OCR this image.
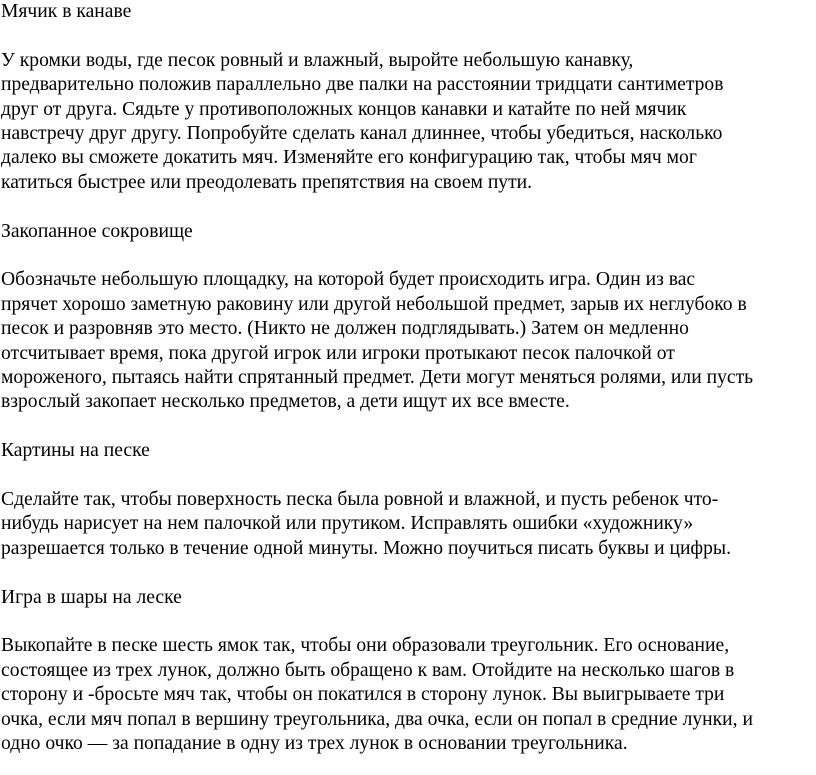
Мячик в канаве

У кромки воды, где песок ровный и влажный, выройте небольшую канавку,
предварительно положив параллельно две палки на расстоянии тридцати сантиметров
друг от друга. Сядьте у противоположных концов канавки и катайте по ней мячик
навстречу друг другу. Попробуйте сделать канал длиннее, чтобы убедиться, насколько
далеко вы сможете докатить мяч. Изменяйте его конфигурацию так, чтобы мяч мог
катиться быстрее или преодолевать препятствия на своем пути.

Закопанное сокровище

Обозначьте небольшую площадку, на которой будет происходить игра. Один из вас
прячет хорошо заметную раковину или другой небольшой предмет, зарыв их неглубоко в
песок и разровняв это место. (Никто не должен подглядывать.) Затем он медленно
отсчитывает время, пока другой игрок или игроки протыкают песок палочкой от
мороженого, пытаясь найти спрятанный предмет. Дети могут меняться ролями, или пусть
взрослый закопает несколько предметов, а дети ищут их все вместе.

Картины на песке

Сделайте так, чтобы поверхность песка была ровной и влажной, и пусть ребенок что-
нибудь нарисует на нем палочкой или прутиком. Исправлять ошибки «художнику»
разрешается только в течение одной минуты. Можно поучиться писать буквы и цифры.

Игра в шары на леске

Выкопайте в песке шесть ямок так, чтобы они образовали треугольник. Его основание,
состоящее из трех лунок, должно быть обращено к вам. Отойдите на несколько шагов в
сторону и -бросьте мяч так, чтобы он покатился в сторону лунок. Вы выигрываете три
очка, если мяч попал в вершину треугольника, два очка, если он попал в средние лунки, и
одно очко — за попадание в одну из трех лунок в основании треугольника.
